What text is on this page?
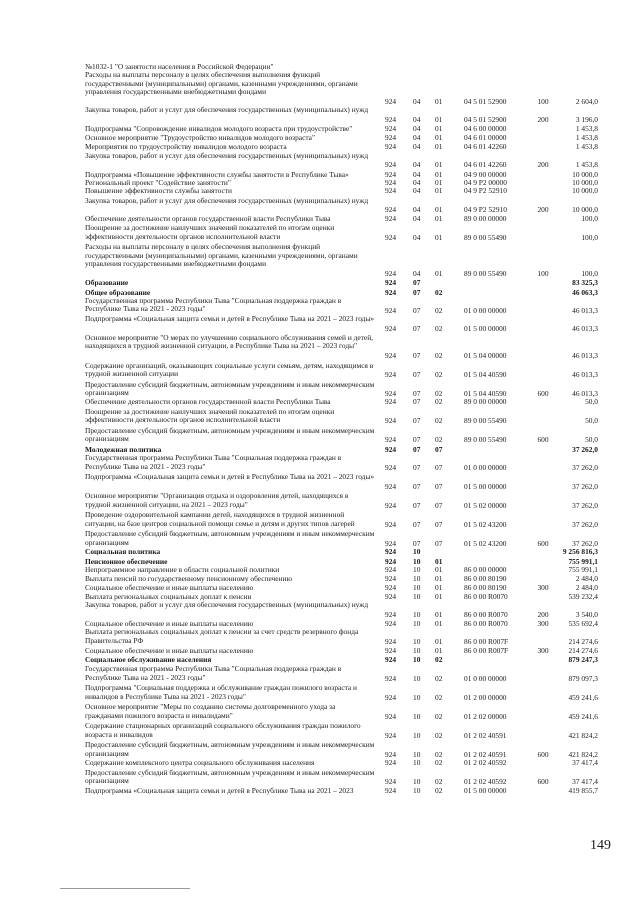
№1032-1 "О занятости населения в Российской Федерации"
Расходы на выплаты персоналу в целях обеспечения выполнения функций государственными (муниципальными) органами, казенными учреждениями, органами управления государственными внебюджетными фондами
924 04 01	04 5 01 52900	100	2 604,0
Закупка товаров, работ и услуг для обеспечения государственных (муниципальных) нужд
924 04 01	04 5 01 52900	200	3 196,0
Подпрограмма "Сопровождение инвалидов молодого возраста при трудоустройстве"	924 04 01	04 6 00 00000	1 453,8
Основное мероприятие "Трудоустройство инвалидов молодого возраста"	924 04 01	04 6 01 00000	1 453,8
Мероприятия по трудоустройству инвалидов молодого возраста	924 04 01	04 6 01 42260	1 453,8
Закупка товаров, работ и услуг для обеспечения государственных (муниципальных) нужд
924 04 01	04 6 01 42260	200	1 453,8
Подпрограмма «Повышение эффективности службы занятости в Республике Тыва»	924 04 01	04 9 00 00000	10 000,0
Региональный проект "Содействие занятости"	924 04 01	04 9 P2 00000	10 000,0
Повышение эффективности службы занятости	924 04 01	04 9 P2 52910	10 000,0
Закупка товаров, работ и услуг для обеспечения государственных (муниципальных) нужд
924 04 01	04 9 P2 52910	200	10 000,0
Обеспечение деятельности органов государственной власти Республики Тыва	924 04 01	89 0 00 00000	100,0
Поощрение за достижение наилучших значений показателей по итогам оценки эффективности деятельности органов исполнительной власти	924 04 01	89 0 00 55490	100,0
Расходы на выплаты персоналу в целях обеспечения выполнения функций государственными (муниципальными) органами, казенными учреждениями, органами управления государственными внебюджетными фондами
924 04 01	89 0 00 55490	100	100,0
Образование	924 07	83 325,3
Общее образование	924 07 02	46 063,3
Государственная программа Республики Тыва "Социальная поддержка граждан в Республике Тыва на 2021 - 2023 годы"	924 07 02	01 0 00 00000	46 013,3
Подпрограмма «Социальная защита семьи и детей в Республике Тыва на 2021 – 2023 годы»
924 07 02	01 5 00 00000	46 013,3
Основное мероприятие "О мерах по улучшению социального обслуживания семей и детей, находящихся в трудной жизненной ситуации, в Республике Тыва на 2021 – 2023 годы"
924 07 02	01 5 04 00000	46 013,3
Содержание организаций, оказывающих социальные услуги семьям, детям, находящимся в трудной жизненной ситуации	924 07 02	01 5 04 40590	46 013,3
Предоставление субсидий бюджетным, автономным учреждениям и иным некоммерческим организациям	924 07 02	01 5 04 40590	600	46 013,3
Обеспечение деятельности органов государственной власти Республики Тыва	924 07 02	89 0 00 00000	50,0
Поощрение за достижение наилучших значений показателей по итогам оценки эффективности деятельности органов исполнительной власти	924 07 02	89 0 00 55490	50,0
Предоставление субсидий бюджетным, автономным учреждениям и иным некоммерческим организациям	924 07 02	89 0 00 55490	600	50,0
Молодежная политика	924 07 07	37 262,0
Государственная программа Республики Тыва "Социальная поддержка граждан в Республике Тыва на 2021 - 2023 годы"	924 07 07	01 0 00 00000	37 262,0
Подпрограмма «Социальная защита семьи и детей в Республике Тыва на 2021 – 2023 годы»
924 07 07	01 5 00 00000	37 262,0
Основное мероприятие "Организация отдыха и оздоровления детей, находящихся в трудной жизненной ситуации, на 2021 – 2023 годы"	924 07 07	01 5 02 00000	37 262,0
Проведение оздоровительной кампании детей, находящихся в трудной жизненной ситуации, на базе центров социальной помощи семье и детям и других типов лагерей	924 07 07	01 5 02 43200	37 262,0
Предоставление субсидий бюджетным, автономным учреждениям и иным некоммерческим организациям	924 07 07	01 5 02 43200	600	37 262,0
Социальная политика	924 10	9 256 816,3
Пенсионное обеспечение	924 10 01	755 991,1
Непрограммное направление в области социальной политики	924 10 01	86 0 00 00000	755 991,1
Выплата пенсий по государственному пенсионному обеспечению	924 10 01	86 0 00 80190	2 484,0
Социальное обеспечение и иные выплаты населению	924 10 01	86 0 00 80190	300	2 484,0
Выплата региональных социальных доплат к пенсии	924 10 01	86 0 00 R0070	539 232,4
Закупка товаров, работ и услуг для обеспечения государственных (муниципальных) нужд
924 10 01	86 0 00 R0070	200	3 540,0
Социальное обеспечение и иные выплаты населению	924 10 01	86 0 00 R0070	300	535 692,4
Выплата региональных социальных доплат к пенсии за счет средств резервного фонда Правительства РФ	924 10 01	86 0 00 R007F	214 274,6
Социальное обеспечение и иные выплаты населению	924 10 01	86 0 00 R007F	300	214 274,6
Социальное обслуживание населения	924 10 02	879 247,3
Государственная программа Республики Тыва "Социальная поддержка граждан в Республике Тыва на 2021 - 2023 годы"	924 10 02	01 0 00 00000	879 097,3
Подпрограмма "Социальная поддержка и обслуживание граждан пожилого возраста и инвалидов в Республике Тыва на 2021 - 2023 годы"	924 10 02	01 2 00 00000	459 241,6
Основное мероприятие "Меры по созданию системы долговременного ухода за гражданами пожилого возраста и инвалидами"	924 10 02	01 2 02 00000	459 241,6
Содержание стационарных организаций социального обслуживания граждан пожилого возраста и инвалидов	924 10 02	01 2 02 40591	421 824,2
Предоставление субсидий бюджетным, автономным учреждениям и иным некоммерческим организациям	924 10 02	01 2 02 40591	600	421 824,2
Содержание комплексного центра социального обслуживания населения	924 10 02	01 2 02 40592	37 417,4
Предоставление субсидий бюджетным, автономным учреждениям и иным некоммерческим организациям	924 10 02	01 2 02 40592	600	37 417,4
Подпрограмма «Социальная защита семьи и детей в Республике Тыва на 2021 – 2023	924 10 02	01 5 00 00000	419 855,7
149
